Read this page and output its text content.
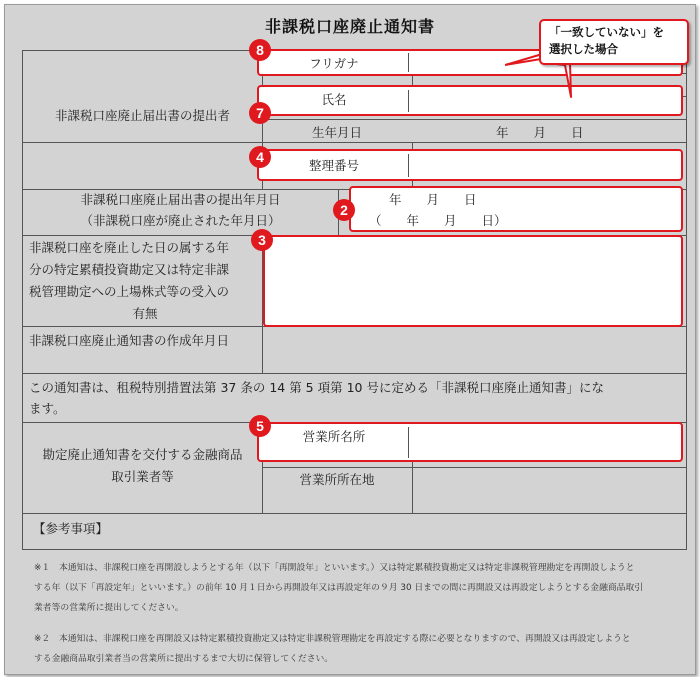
非課税口座廃止通知書
非課税口座廃止届出書の提出者
生年月日	年　　月　　日
非課税口座廃止届出書の提出年月日
（非課税口座が廃止された年月日）
非課税口座を廃止した日の属する年
分の特定累積投資勘定又は特定非課
税管理勘定への上場株式等の受入の
有無
非課税口座廃止通知書の作成年月日
この通知書は、租税特別措置法第 37 条の 14 第 5 項第 10 号に定める「非課税口座廃止通知書」にな
ます。
勘定廃止通知書を交付する金融商品
取引業者等	営業所所在地
【参考事項】
フリガナ
氏名
整理番号
年　　月　　日
（　　年　　月　　日）
営業所名所
8
7
4
2
3
5
「一致していない」を
選択した場合
※１　本通知は、非課税口座を再開設しようとする年（以下「再開設年」といいます。）又は特定累積投資勘定又は特定非課税管理勘定を再開設しようと
する年（以下「再設定年」といいます。）の前年 10 月１日から再開設年又は再設定年の９月 30 日までの間に再開設又は再設定しようとする金融商品取引
業者等の営業所に提出してください。
※２　本通知は、非課税口座を再開設又は特定累積投資勘定又は特定非課税管理勘定を再設定する際に必要となりますので、再開設又は再設定しようと
する金融商品取引業者当の営業所に提出するまで大切に保管してください。
